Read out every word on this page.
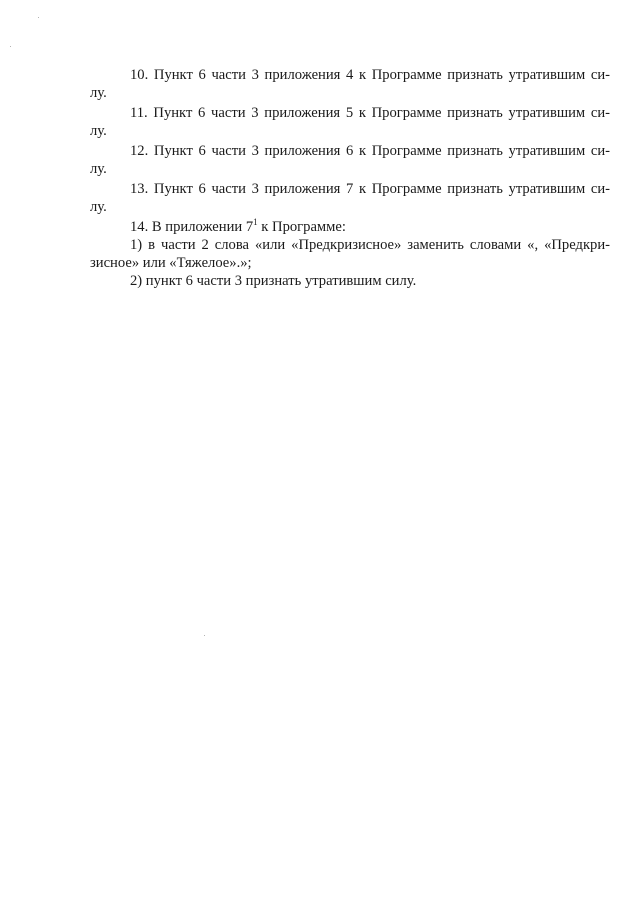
10. Пункт 6 части 3 приложения 4 к Программе признать утратившим си-
лу.
11. Пункт 6 части 3 приложения 5 к Программе признать утратившим си-
лу.
12. Пункт 6 части 3 приложения 6 к Программе признать утратившим си-
лу.
13. Пункт 6 части 3 приложения 7 к Программе признать утратившим си-
лу.
14. В приложении $7^1$ к Программе:
1) в части 2 слова «или «Предкризисное» заменить словами «, «Предкри-
зисное» или «Тяжелое».»;
2) пункт 6 части 3 признать утратившим силу.
